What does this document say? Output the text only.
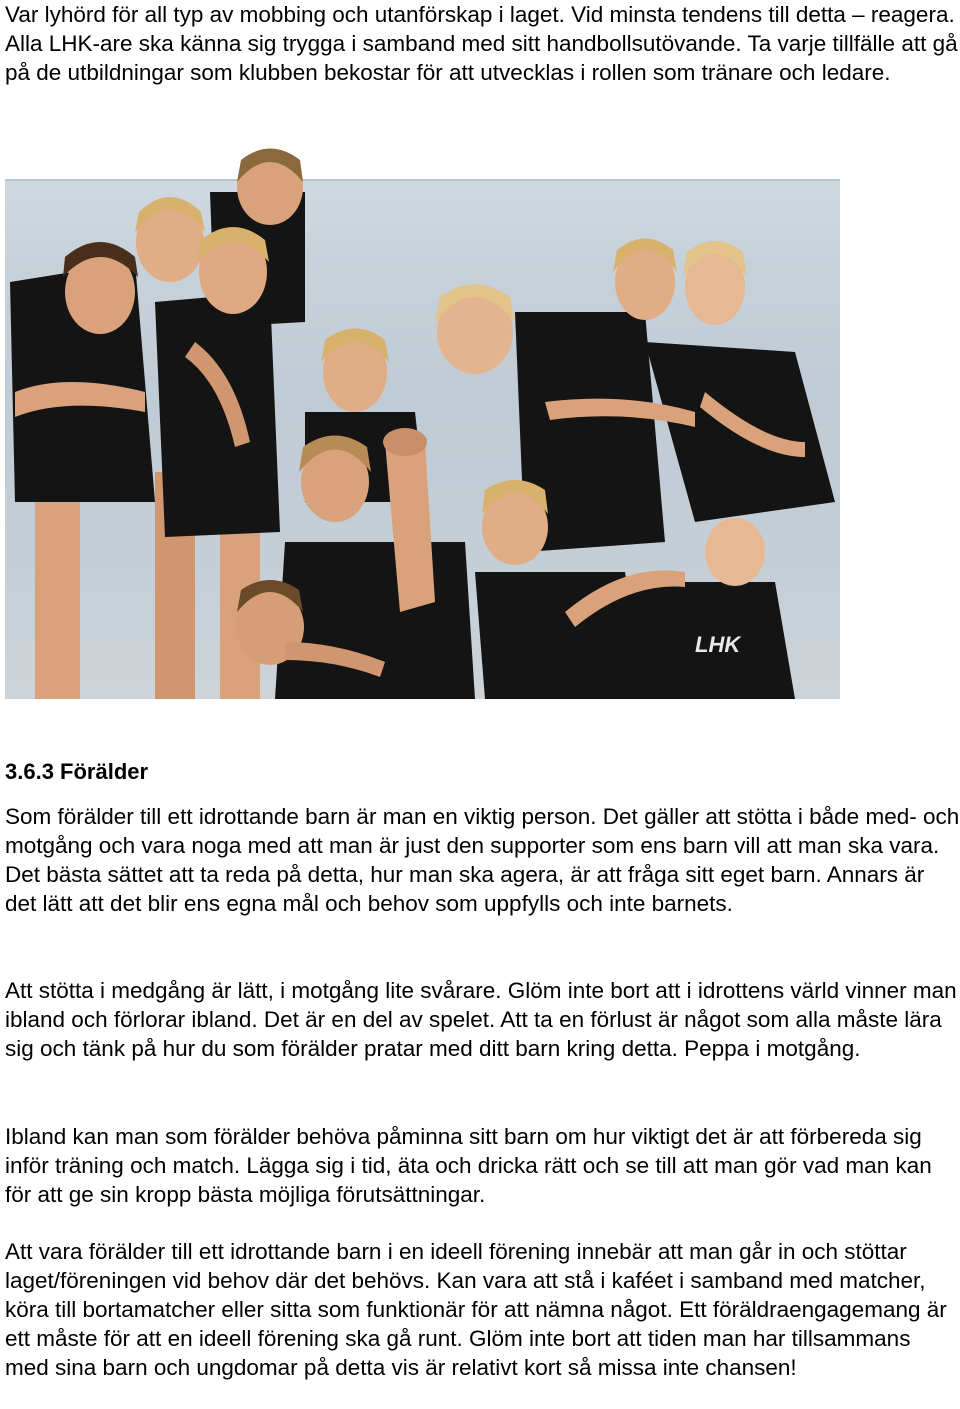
Var lyhörd för all typ av mobbing och utanförskap i laget. Vid minsta tendens till detta – reagera. Alla LHK-are ska känna sig trygga i samband med sitt handbollsutövande. Ta varje tillfälle att gå på de utbildningar som klubben bekostar för att utvecklas i rollen som tränare och ledare.

LHK
3.6.3 Förälder

Som förälder till ett idrottande barn är man en viktig person. Det gäller att stötta i både med- och motgång och vara noga med att man är just den supporter som ens barn vill att man ska vara. Det bästa sättet att ta reda på detta, hur man ska agera, är att fråga sitt eget barn. Annars är det lätt att det blir ens egna mål och behov som uppfylls och inte barnets.

Att stötta i medgång är lätt, i motgång lite svårare. Glöm inte bort att i idrottens värld vinner man ibland och förlorar ibland. Det är en del av spelet. Att ta en förlust är något som alla måste lära sig och tänk på hur du som förälder pratar med ditt barn kring detta. Peppa i motgång.

Ibland kan man som förälder behöva påminna sitt barn om hur viktigt det är att förbereda sig inför träning och match. Lägga sig i tid, äta och dricka rätt och se till att man gör vad man kan för att ge sin kropp bästa möjliga förutsättningar.

Att vara förälder till ett idrottande barn i en ideell förening innebär att man går in och stöttar laget/föreningen vid behov där det behövs. Kan vara att stå i kaféet i samband med matcher, köra till bortamatcher eller sitta som funktionär för att nämna något. Ett föräldraengagemang är ett måste för att en ideell förening ska gå runt. Glöm inte bort att tiden man har tillsammans med sina barn och ungdomar på detta vis är relativt kort så missa inte chansen!
